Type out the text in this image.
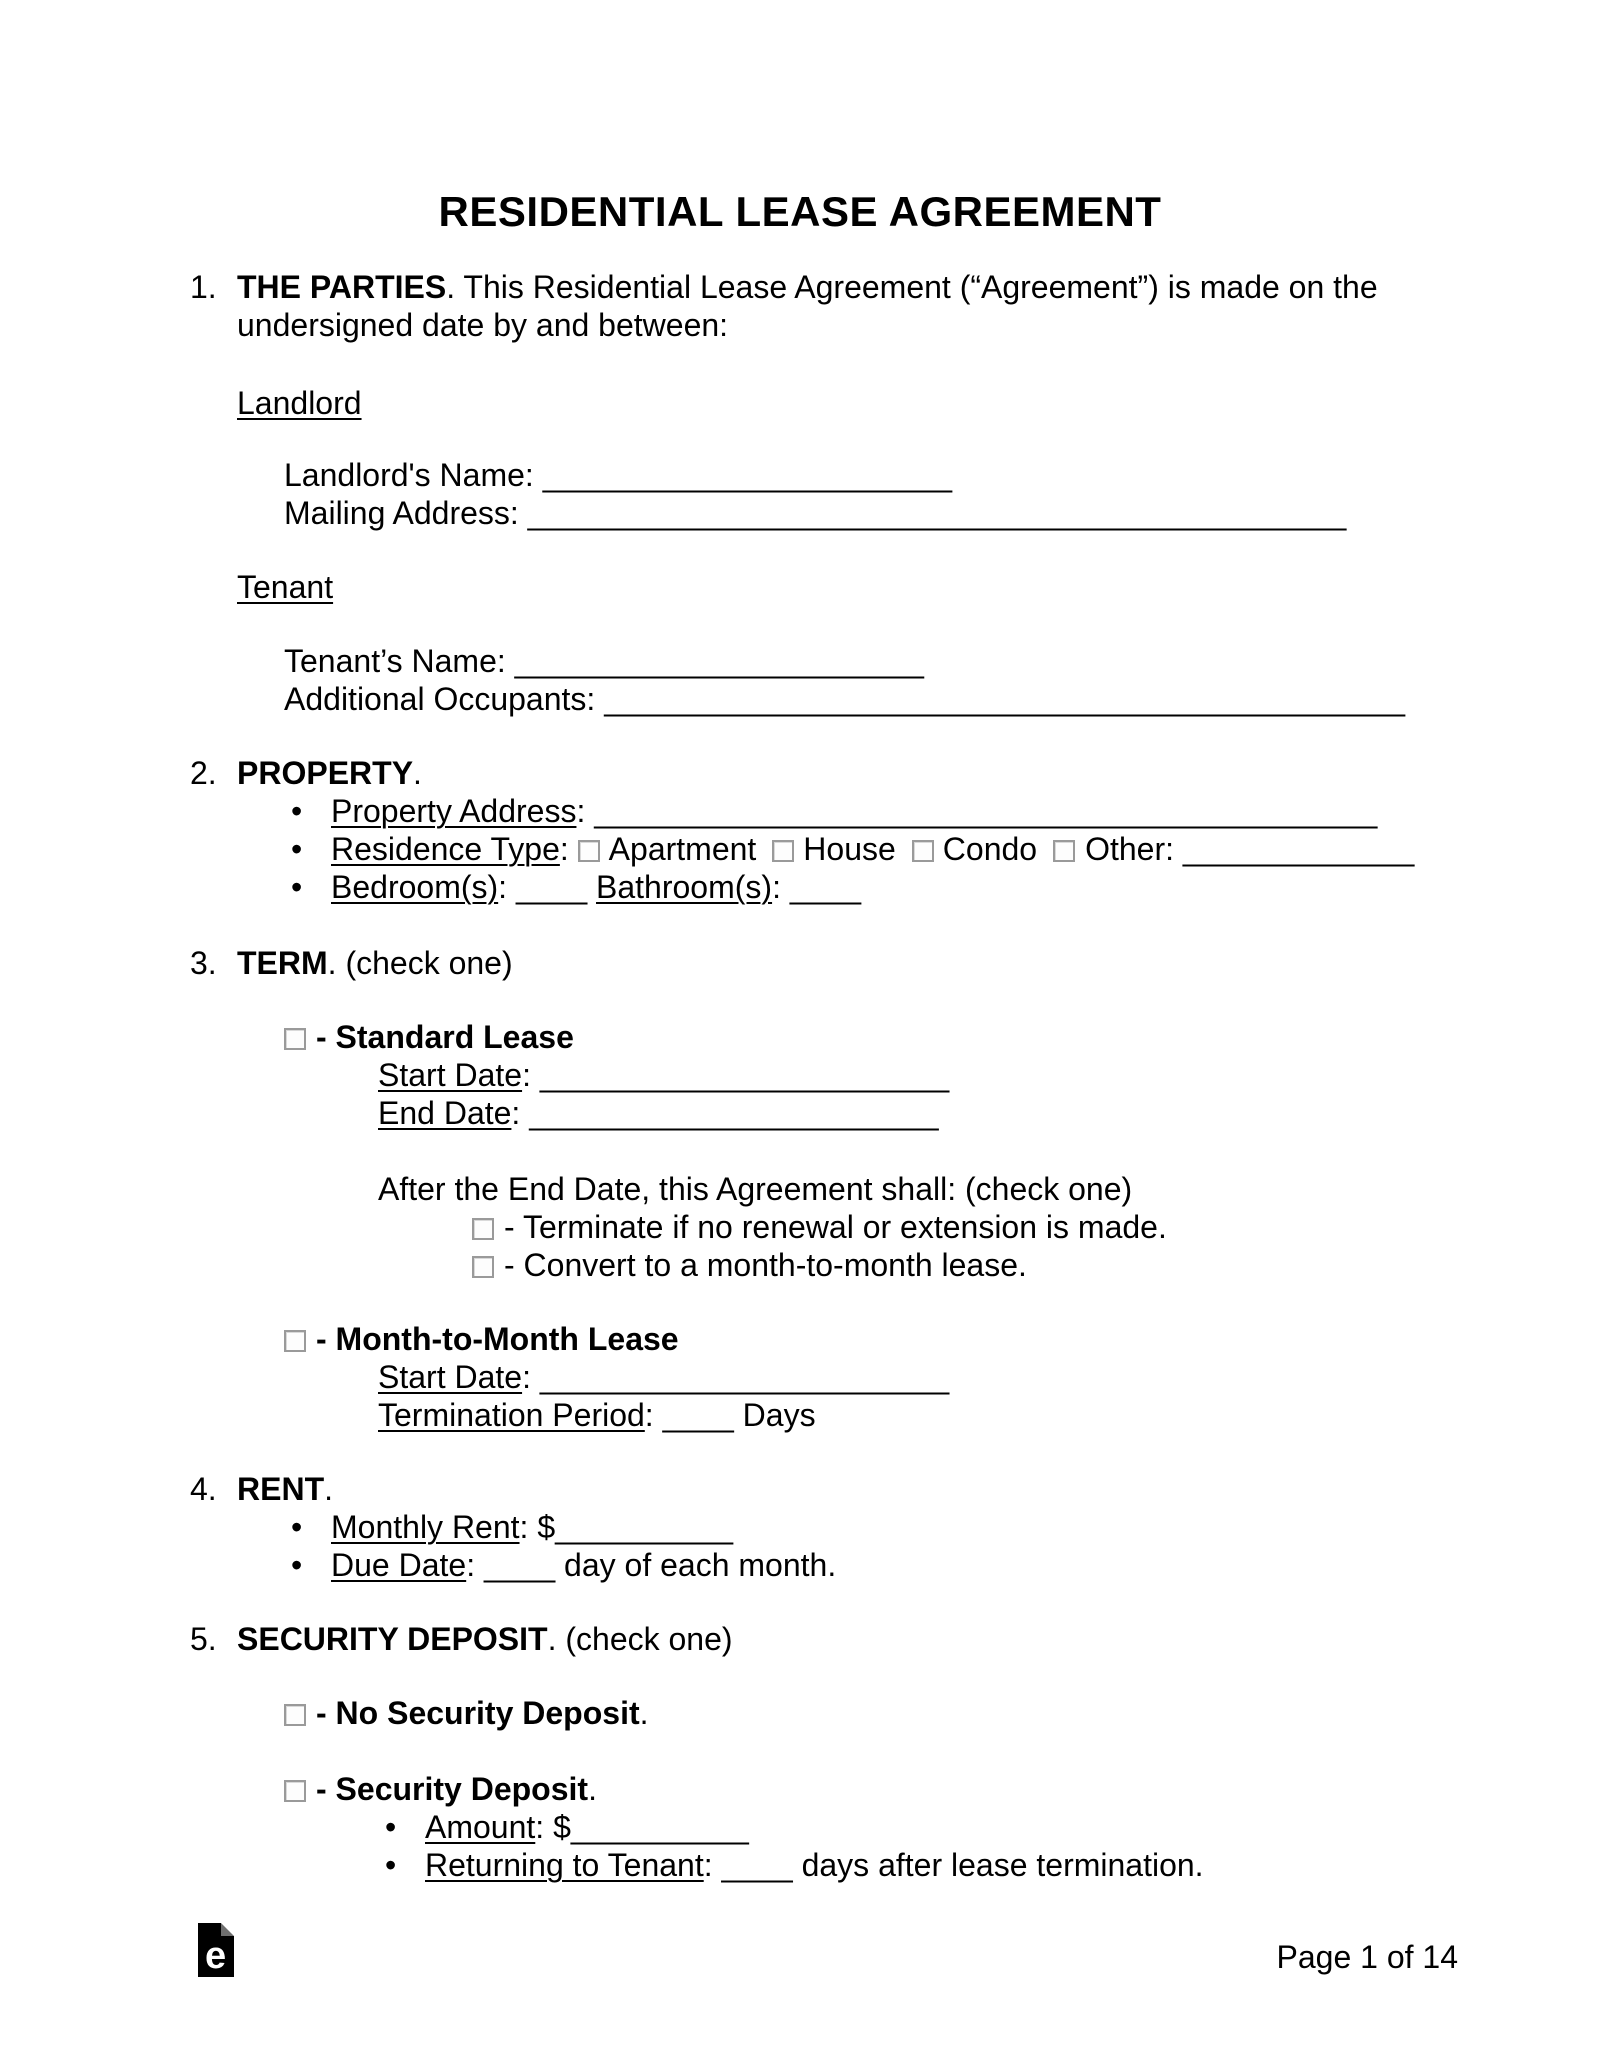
RESIDENTIAL LEASE AGREEMENT
1. THE PARTIES. This Residential Lease Agreement (“Agreement”) is made on the undersigned date by and between:
Landlord
Landlord's Name: _______________________
Mailing Address: ______________________________________________
Tenant
Tenant’s Name: _______________________
Additional Occupants: _____________________________________________
2. PROPERTY.
• Property Address: ____________________________________________
• Residence Type: Apartment House Condo Other: _____________
• Bedroom(s): ____ Bathroom(s): ____
3. TERM. (check one)
- Standard Lease
Start Date: _______________________
End Date: _______________________
After the End Date, this Agreement shall: (check one)
- Terminate if no renewal or extension is made.
- Convert to a month-to-month lease.
- Month-to-Month Lease
Start Date: _______________________
Termination Period: ____ Days
4. RENT.
• Monthly Rent: $__________
• Due Date: ____ day of each month.
5. SECURITY DEPOSIT. (check one)
- No Security Deposit.
- Security Deposit.
• Amount: $__________
• Returning to Tenant: ____ days after lease termination.
e	Page 1 of 14
